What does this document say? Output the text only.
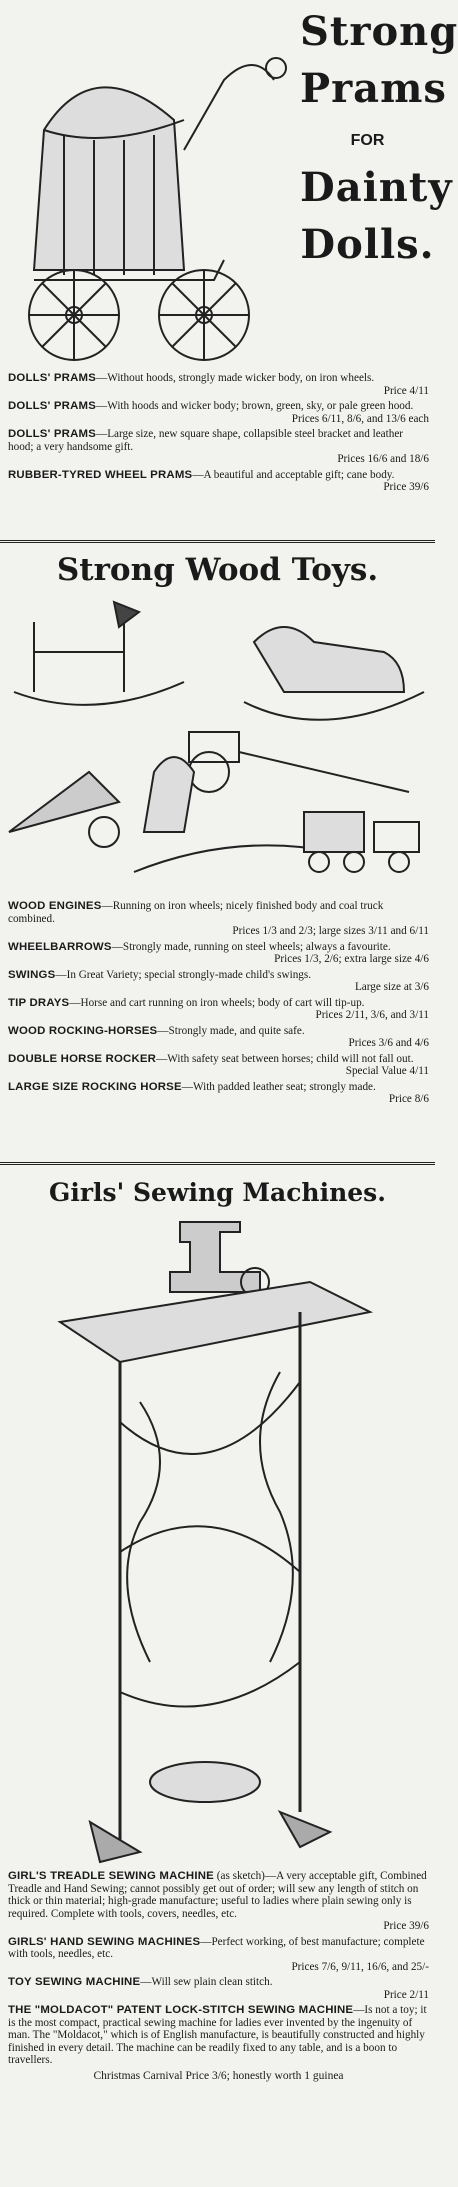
Strong
Prams
FOR
Dainty
Dolls.
DOLLS' PRAMS—Without hoods, strongly made wicker body, on iron wheels.
Price 4/11
DOLLS' PRAMS—With hoods and wicker body; brown, green, sky, or pale green hood.
Prices 6/11, 8/6, and 13/6 each
DOLLS' PRAMS—Large size, new square shape, collapsible steel bracket and leather hood; a very handsome gift.
Prices 16/6 and 18/6
RUBBER-TYRED WHEEL PRAMS—A beautiful and acceptable gift; cane body.
Price 39/6
Strong Wood Toys.
WOOD ENGINES—Running on iron wheels; nicely finished body and coal truck combined.
Prices 1/3 and 2/3; large sizes 3/11 and 6/11
WHEELBARROWS—Strongly made, running on steel wheels; always a favourite.
Prices 1/3, 2/6; extra large size 4/6
SWINGS—In Great Variety; special strongly-made child's swings.
Large size at 3/6
TIP DRAYS—Horse and cart running on iron wheels; body of cart will tip-up.
Prices 2/11, 3/6, and 3/11
WOOD ROCKING-HORSES—Strongly made, and quite safe.
Prices 3/6 and 4/6
DOUBLE HORSE ROCKER—With safety seat between horses; child will not fall out.
Special Value 4/11
LARGE SIZE ROCKING HORSE—With padded leather seat; strongly made.
Price 8/6
Girls' Sewing Machines.
GIRL'S TREADLE SEWING MACHINE (as sketch)—A very acceptable gift, Combined Treadle and Hand Sewing; cannot possibly get out of order; will sew any length of stitch on thick or thin material; high-grade manufacture; useful to ladies where plain sewing only is required. Complete with tools, covers, needles, etc.
Price 39/6
GIRLS' HAND SEWING MACHINES—Perfect working, of best manufacture; complete with tools, needles, etc.
Prices 7/6, 9/11, 16/6, and 25/-
TOY SEWING MACHINE—Will sew plain clean stitch.
Price 2/11
THE "MOLDACOT" PATENT LOCK-STITCH SEWING MACHINE—Is not a toy; it is the most compact, practical sewing machine for ladies ever invented by the ingenuity of man. The "Moldacot," which is of English manufacture, is beautifully constructed and highly finished in every detail. The machine can be readily fixed to any table, and is a boon to travellers.
Christmas Carnival Price 3/6; honestly worth 1 guinea
